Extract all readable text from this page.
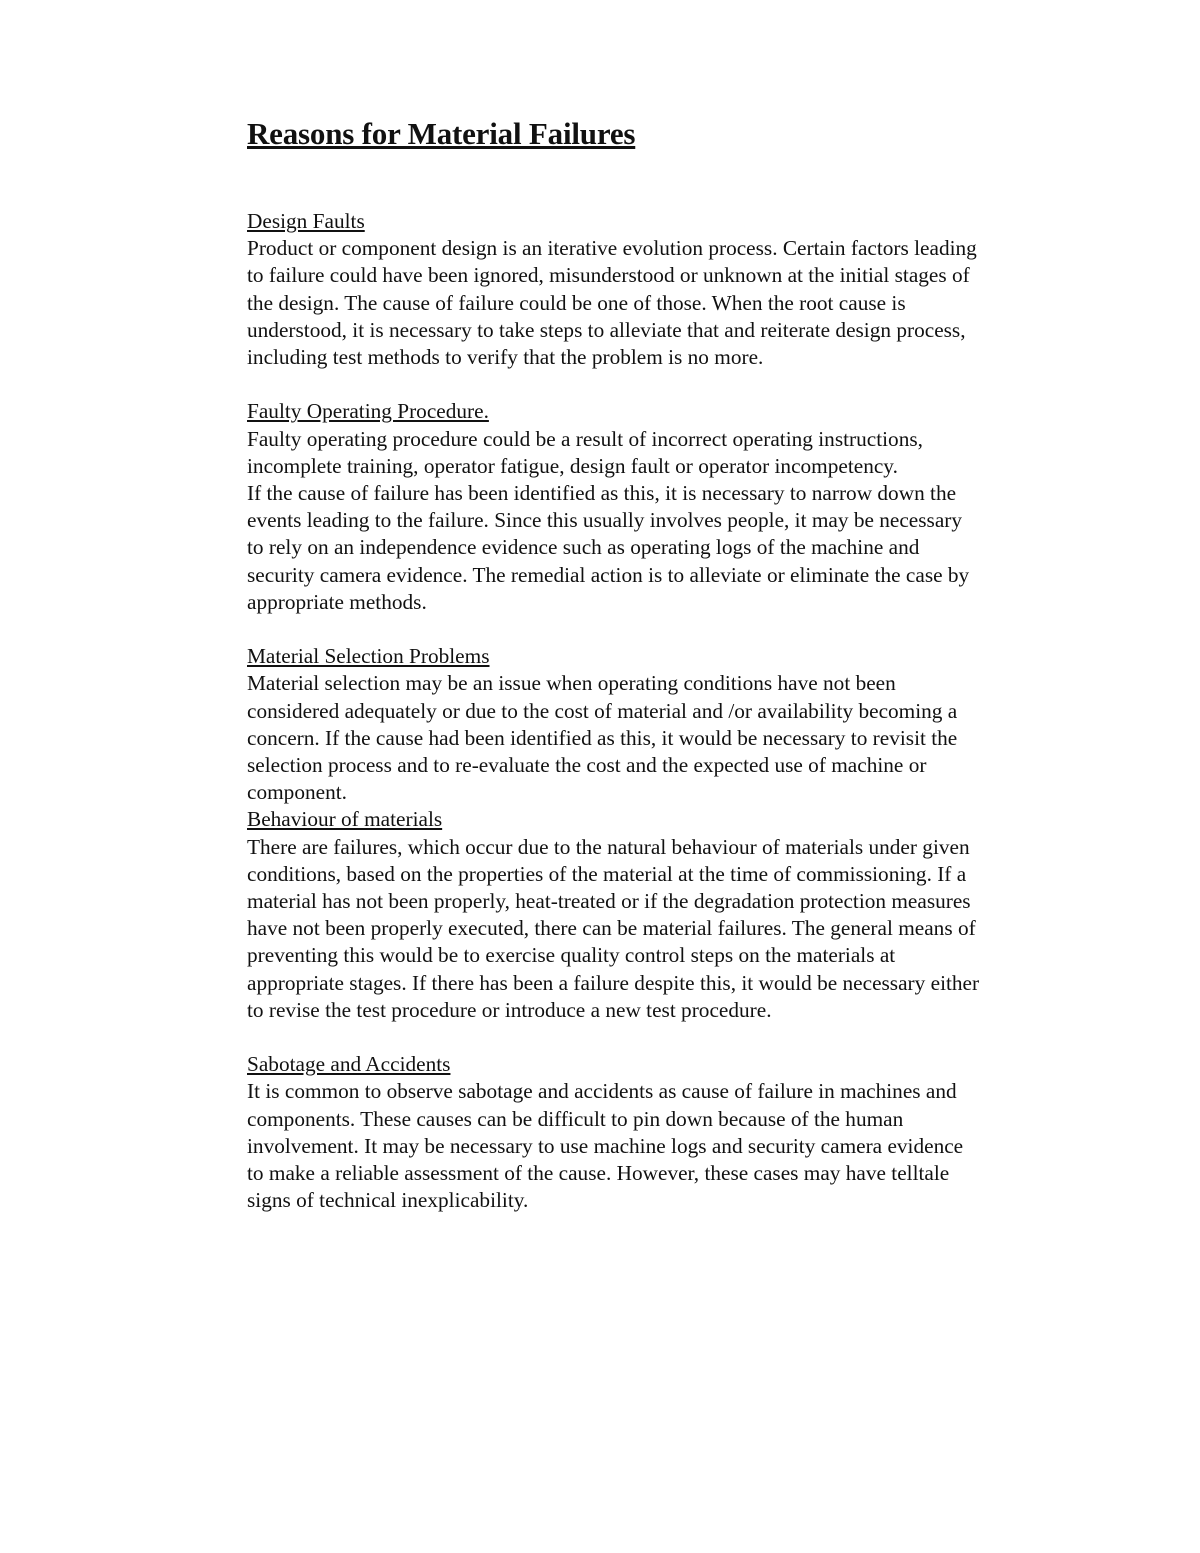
Reasons for Material Failures
Design Faults

Product or component design is an iterative evolution process. Certain factors leading
to failure could have been ignored, misunderstood or unknown at the initial stages of
the design. The cause of failure could be one of those. When the root cause is
understood, it is necessary to take steps to alleviate that and reiterate design process,
including test methods to verify that the problem is no more.

Faulty Operating Procedure.

Faulty operating procedure could be a result of incorrect operating instructions,
incomplete training, operator fatigue, design fault or operator incompetency.

If the cause of failure has been identified as this, it is necessary to narrow down the
events leading to the failure. Since this usually involves people, it may be necessary
to rely on an independence evidence such as operating logs of the machine and
security camera evidence. The remedial action is to alleviate or eliminate the case by
appropriate methods.

Material Selection Problems

Material selection may be an issue when operating conditions have not been
considered adequately or due to the cost of material and /or availability becoming a
concern. If the cause had been identified as this, it would be necessary to revisit the
selection process and to re-evaluate the cost and the expected use of machine or
component.

Behaviour of materials

There are failures, which occur due to the natural behaviour of materials under given
conditions, based on the properties of the material at the time of commissioning. If a
material has not been properly, heat-treated or if the degradation protection measures
have not been properly executed, there can be material failures. The general means of
preventing this would be to exercise quality control steps on the materials at
appropriate stages. If there has been a failure despite this, it would be necessary either
to revise the test procedure or introduce a new test procedure.

Sabotage and Accidents

It is common to observe sabotage and accidents as cause of failure in machines and
components. These causes can be difficult to pin down because of the human
involvement. It may be necessary to use machine logs and security camera evidence
to make a reliable assessment of the cause. However, these cases may have telltale
signs of technical inexplicability.
